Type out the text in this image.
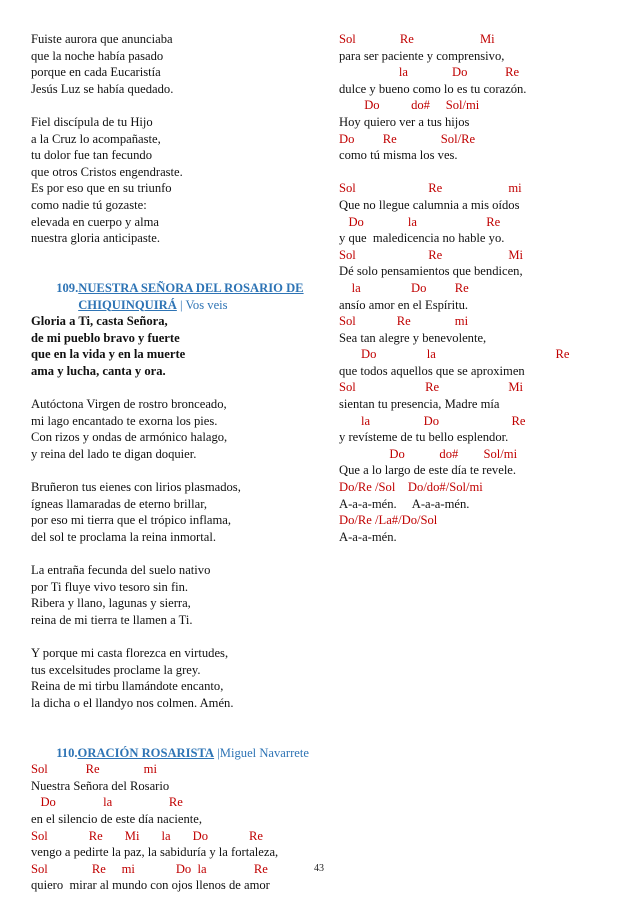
Fuiste aurora que anunciaba
que la noche había pasado
porque en cada Eucaristía
Jesús Luz se había quedado.
Fiel discípula de tu Hijo
a la Cruz lo acompañaste,
tu dolor fue tan fecundo
que otros Cristos engendraste.
Es por eso que en su triunfo
como nadie tú gozaste:
elevada en cuerpo y alma
nuestra gloria anticipaste.

109.NUESTRA SEÑORA DEL ROSARIO DE

CHIQUINQUIRÁ | Vos veis

Gloria a Ti, casta Señora,
de mi pueblo bravo y fuerte
que en la vida y en la muerte
ama y lucha, canta y ora.
Autóctona Virgen de rostro bronceado,
mi lago encantado te exorna los pies.
Con rizos y ondas de armónico halago,
y reina del lado te digan doquier.
Bruñeron tus eienes con lirios plasmados,
ígneas llamaradas de eterno brillar,
por eso mi tierra que el trópico inflama,
del sol te proclama la reina inmortal.
La entraña fecunda del suelo nativo
por Ti fluye vivo tesoro sin fin.
Ribera y llano, lagunas y sierra,
reina de mi tierra te llamen a Ti.
Y porque mi casta florezca en virtudes,
tus excelsitudes proclame la grey.
Reina de mi tirbu llamándote encanto,
la dicha o el llandyo nos colmen. Amén.

110.ORACIÓN ROSARISTA |Miguel Navarrete

Sol            Re              mi
Nuestra Señora del Rosario
Do               la                  Re
en el silencio de este día naciente,
Sol             Re       Mi       la       Do             Re
vengo a pedirte la paz, la sabiduría y la fortaleza,
Sol              Re     mi             Do  la               Re
quiero  mirar al mundo con ojos llenos de amor
Sol              Re                     Mi
para ser paciente y comprensivo,
la              Do            Re
dulce y bueno como lo es tu corazón.
Do          do#     Sol/mi
Hoy quiero ver a tus hijos
Do         Re              Sol/Re
como tú misma los ves.
Sol                       Re                     mi
Que no llegue calumnia a mis oídos
Do              la                      Re
y que  maledicencia no hable yo.
Sol                       Re                     Mi
Dé solo pensamientos que bendicen,
la                Do         Re
ansío amor en el Espíritu.
Sol             Re              mi
Sea tan alegre y benevolente,
Do                la                                      Re
que todos aquellos que se aproximen
Sol                      Re                      Mi
sientan tu presencia, Madre mía
la                 Do                       Re
y revísteme de tu bello esplendor.
Do           do#        Sol/mi
Que a lo largo de este día te revele.
Do/Re /Sol    Do/do#/Sol/mi
A-a-a-mén.     A-a-a-mén.
Do/Re /La#/Do/Sol
A-a-a-mén.
43
